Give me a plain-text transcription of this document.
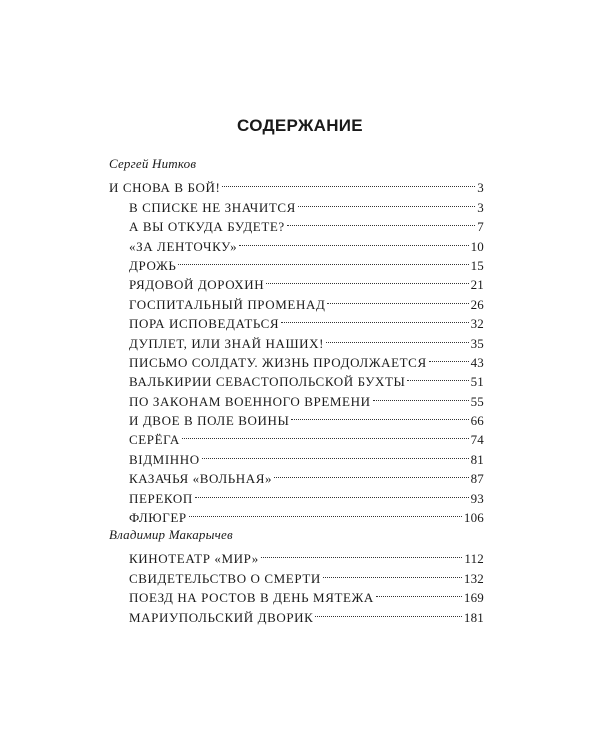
СОДЕРЖАНИЕ
Сергей Нитков
И СНОВА В БОЙ!	3
В СПИСКЕ НЕ ЗНАЧИТСЯ	3
А ВЫ ОТКУДА БУДЕТЕ?	7
«ЗА ЛЕНТОЧКУ»	10
ДРОЖЬ	15
РЯДОВОЙ ДОРОХИН	21
ГОСПИТАЛЬНЫЙ ПРОМЕНАД	26
ПОРА ИСПОВЕДАТЬСЯ	32
ДУПЛЕТ, ИЛИ ЗНАЙ НАШИХ!	35
ПИСЬМО СОЛДАТУ. ЖИЗНЬ ПРОДОЛЖАЕТСЯ	43
ВАЛЬКИРИИ СЕВАСТОПОЛЬСКОЙ БУХТЫ	51
ПО ЗАКОНАМ ВОЕННОГО ВРЕМЕНИ	55
И ДВОЕ В ПОЛЕ ВОИНЫ	66
СЕРЁГА	74
ВІДМІННО	81
КАЗАЧЬЯ «ВОЛЬНАЯ»	87
ПЕРЕКОП	93
ФЛЮГЕР	106
Владимир Макарычев
КИНОТЕАТР «МИР»	112
СВИДЕТЕЛЬСТВО О СМЕРТИ	132
ПОЕЗД НА РОСТОВ В ДЕНЬ МЯТЕЖА	169
МАРИУПОЛЬСКИЙ ДВОРИК	181
